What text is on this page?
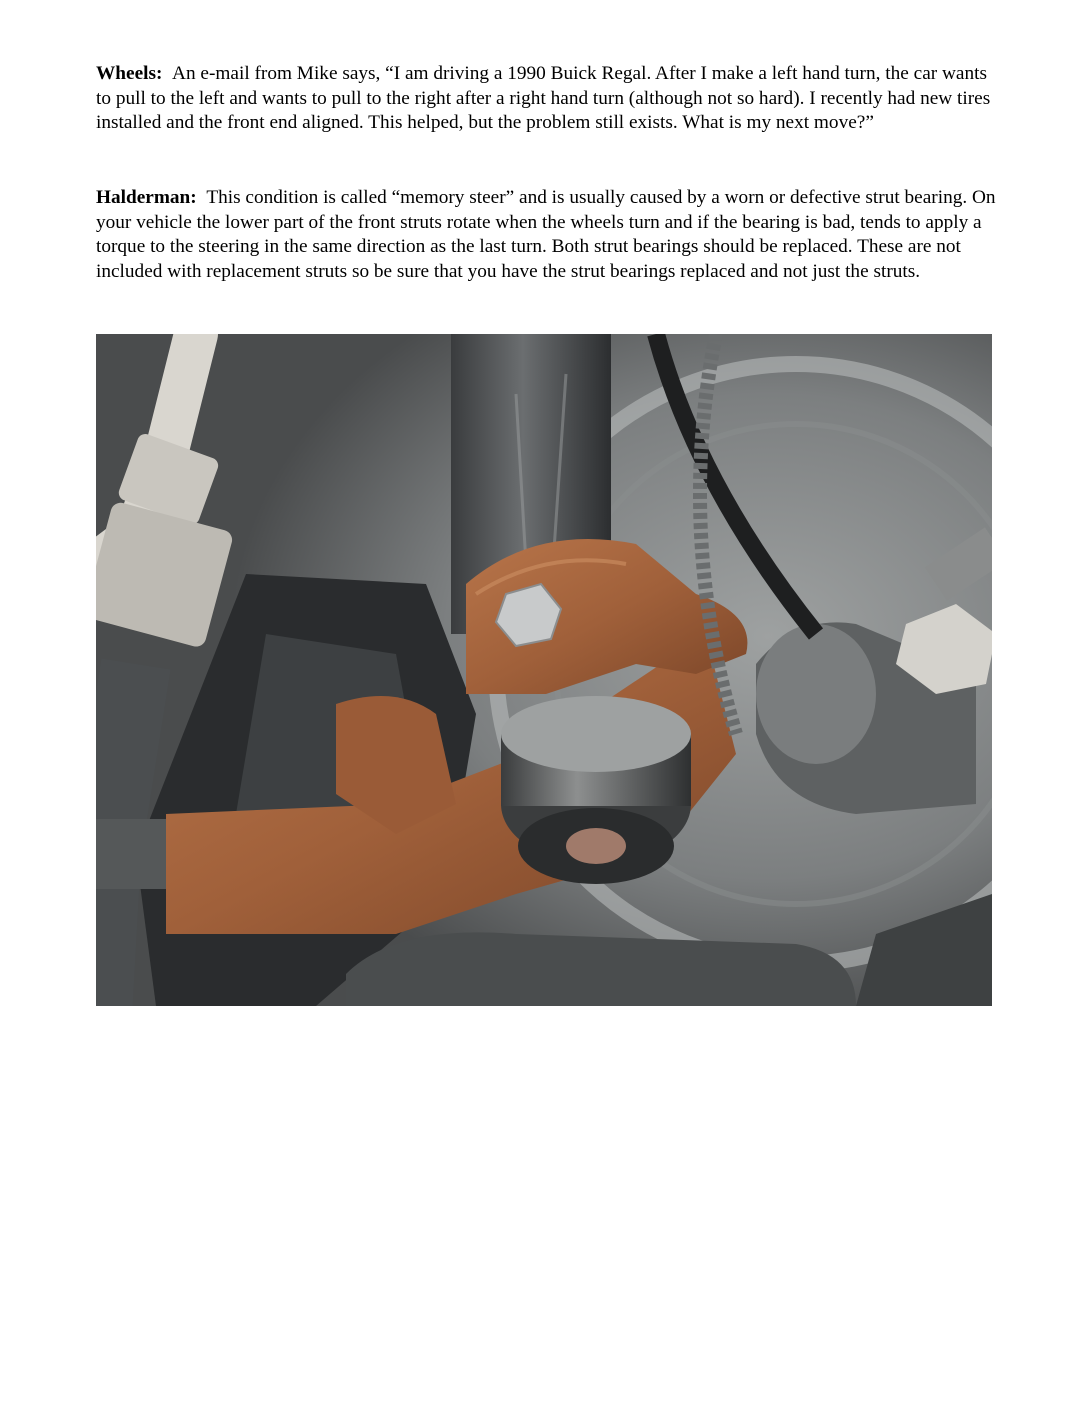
Wheels: An e-mail from Mike says, “I am driving a 1990 Buick Regal. After I make a left hand turn, the car wants to pull to the left and wants to pull to the right after a right hand turn (although not so hard). I recently had new tires installed and the front end aligned. This helped, but the problem still exists. What is my next move?”

Halderman: This condition is called “memory steer” and is usually caused by a worn or defective strut bearing. On your vehicle the lower part of the front struts rotate when the wheels turn and if the bearing is bad, tends to apply a torque to the steering in the same direction as the last turn. Both strut bearings should be replaced. These are not included with replacement struts so be sure that you have the strut bearings replaced and not just the struts.
